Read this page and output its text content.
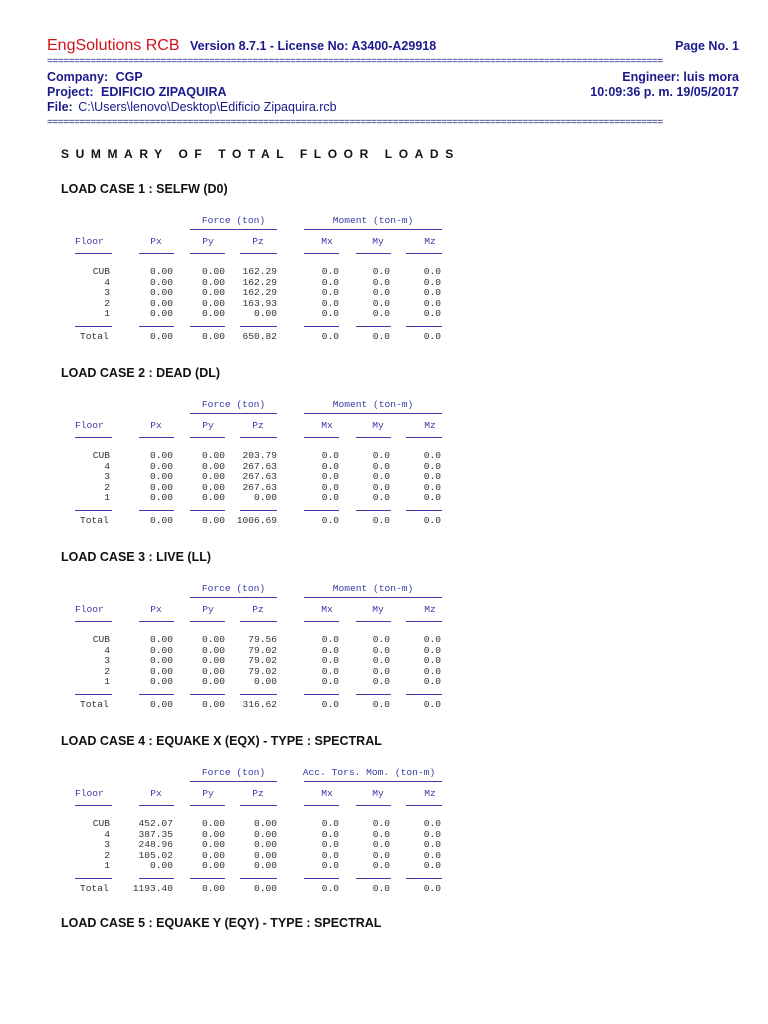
EngSolutions RCB Version 8.7.1 - License No: A3400-A29918	Page No. 1
==================================================================================================================
Company: CGP	Engineer: luis mora
Project: EDIFICIO ZIPAQUIRA	10:09:36 p. m. 19/05/2017
File: C:\Users\lenovo\Desktop\Edificio Zipaquira.rcb
==================================================================================================================
SUMMARY OF TOTAL FLOOR LOADS
LOAD CASE 1 : SELFW (D0)
Force (ton)	Moment (ton-m)
Floor	Px	Py	Pz	Mx	My	Mz
CUB	0.00	0.00	162.29	0.0	0.0	0.0
4	0.00	0.00	162.29	0.0	0.0	0.0
3	0.00	0.00	162.29	0.0	0.0	0.0
2	0.00	0.00	163.93	0.0	0.0	0.0
1	0.00	0.00	0.00	0.0	0.0	0.0
Total	0.00	0.00	650.82	0.0	0.0	0.0
LOAD CASE 2 : DEAD (DL)
Force (ton)	Moment (ton-m)
Floor	Px	Py	Pz	Mx	My	Mz
CUB	0.00	0.00	203.79	0.0	0.0	0.0
4	0.00	0.00	267.63	0.0	0.0	0.0
3	0.00	0.00	267.63	0.0	0.0	0.0
2	0.00	0.00	267.63	0.0	0.0	0.0
1	0.00	0.00	0.00	0.0	0.0	0.0
Total	0.00	0.00	1006.69	0.0	0.0	0.0
LOAD CASE 3 : LIVE (LL)
Force (ton)	Moment (ton-m)
Floor	Px	Py	Pz	Mx	My	Mz
CUB	0.00	0.00	79.56	0.0	0.0	0.0
4	0.00	0.00	79.02	0.0	0.0	0.0
3	0.00	0.00	79.02	0.0	0.0	0.0
2	0.00	0.00	79.02	0.0	0.0	0.0
1	0.00	0.00	0.00	0.0	0.0	0.0
Total	0.00	0.00	316.62	0.0	0.0	0.0
LOAD CASE 4 : EQUAKE X (EQX) - TYPE : SPECTRAL
Force (ton)	Acc. Tors. Mom. (ton-m)
Floor	Px	Py	Pz	Mx	My	Mz
CUB	452.07	0.00	0.00	0.0	0.0	0.0
4	387.35	0.00	0.00	0.0	0.0	0.0
3	248.96	0.00	0.00	0.0	0.0	0.0
2	105.02	0.00	0.00	0.0	0.0	0.0
1	0.00	0.00	0.00	0.0	0.0	0.0
Total	1193.40	0.00	0.00	0.0	0.0	0.0
LOAD CASE 5 : EQUAKE Y (EQY) - TYPE : SPECTRAL
